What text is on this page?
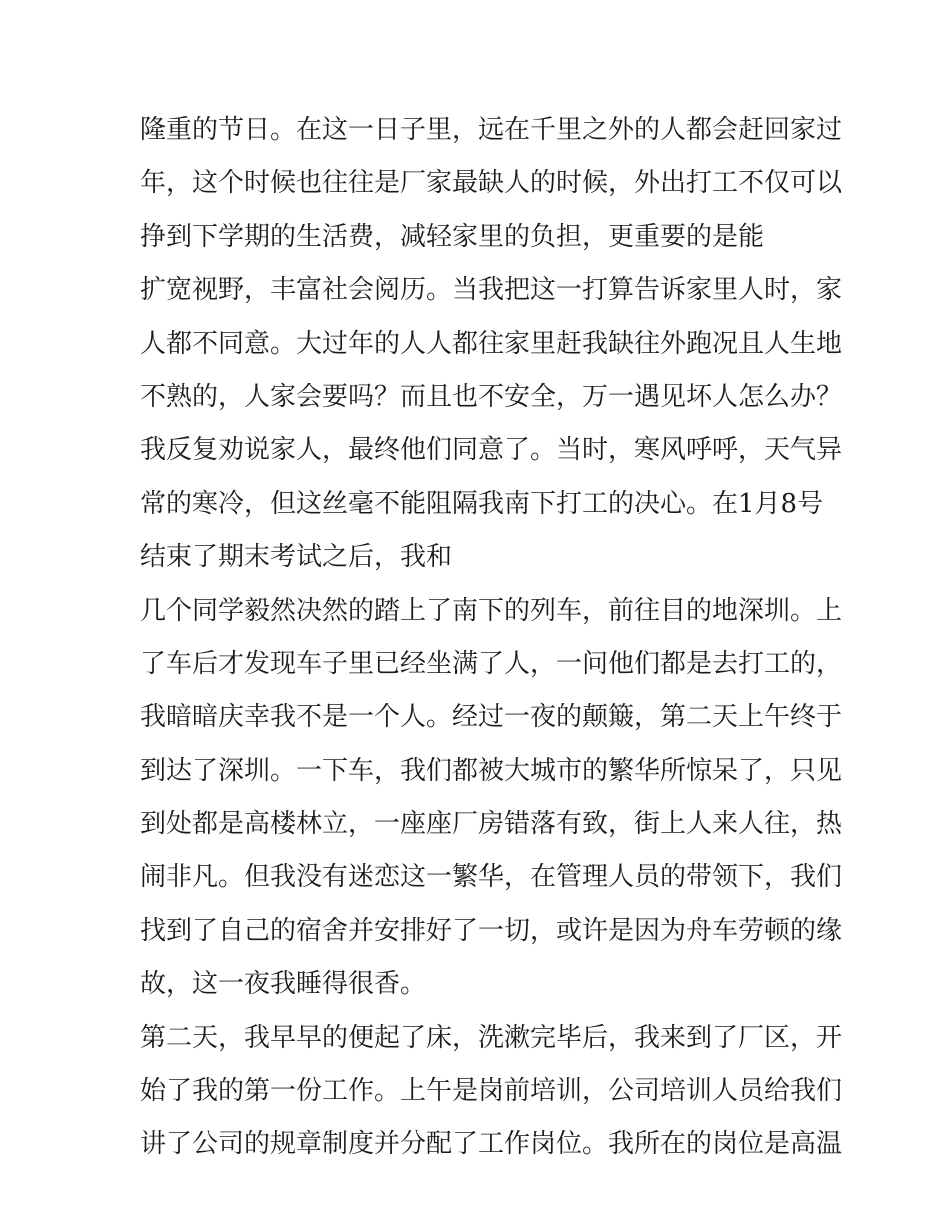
隆重的节日。在这一日子里，远在千里之外的人都会赶回家过
年，这个时候也往往是厂家最缺人的时候，外出打工不仅可以
挣到下学期的生活费，减轻家里的负担，更重要的是能
扩宽视野，丰富社会阅历。当我把这一打算告诉家里人时，家
人都不同意。大过年的人人都往家里赶我缺往外跑况且人生地
不熟的，人家会要吗？而且也不安全，万一遇见坏人怎么办？
我反复劝说家人，最终他们同意了。当时，寒风呼呼，天气异
常的寒冷，但这丝毫不能阻隔我南下打工的决心。在1月8号
结束了期末考试之后，我和
几个同学毅然决然的踏上了南下的列车，前往目的地深圳。上
了车后才发现车子里已经坐满了人，一问他们都是去打工的，
我暗暗庆幸我不是一个人。经过一夜的颠簸，第二天上午终于
到达了深圳。一下车，我们都被大城市的繁华所惊呆了，只见
到处都是高楼林立，一座座厂房错落有致，街上人来人往，热
闹非凡。但我没有迷恋这一繁华，在管理人员的带领下，我们
找到了自己的宿舍并安排好了一切，或许是因为舟车劳顿的缘
故，这一夜我睡得很香。
第二天，我早早的便起了床，洗漱完毕后，我来到了厂区，开
始了我的第一份工作。上午是岗前培训，公司培训人员给我们
讲了公司的规章制度并分配了工作岗位。我所在的岗位是高温
